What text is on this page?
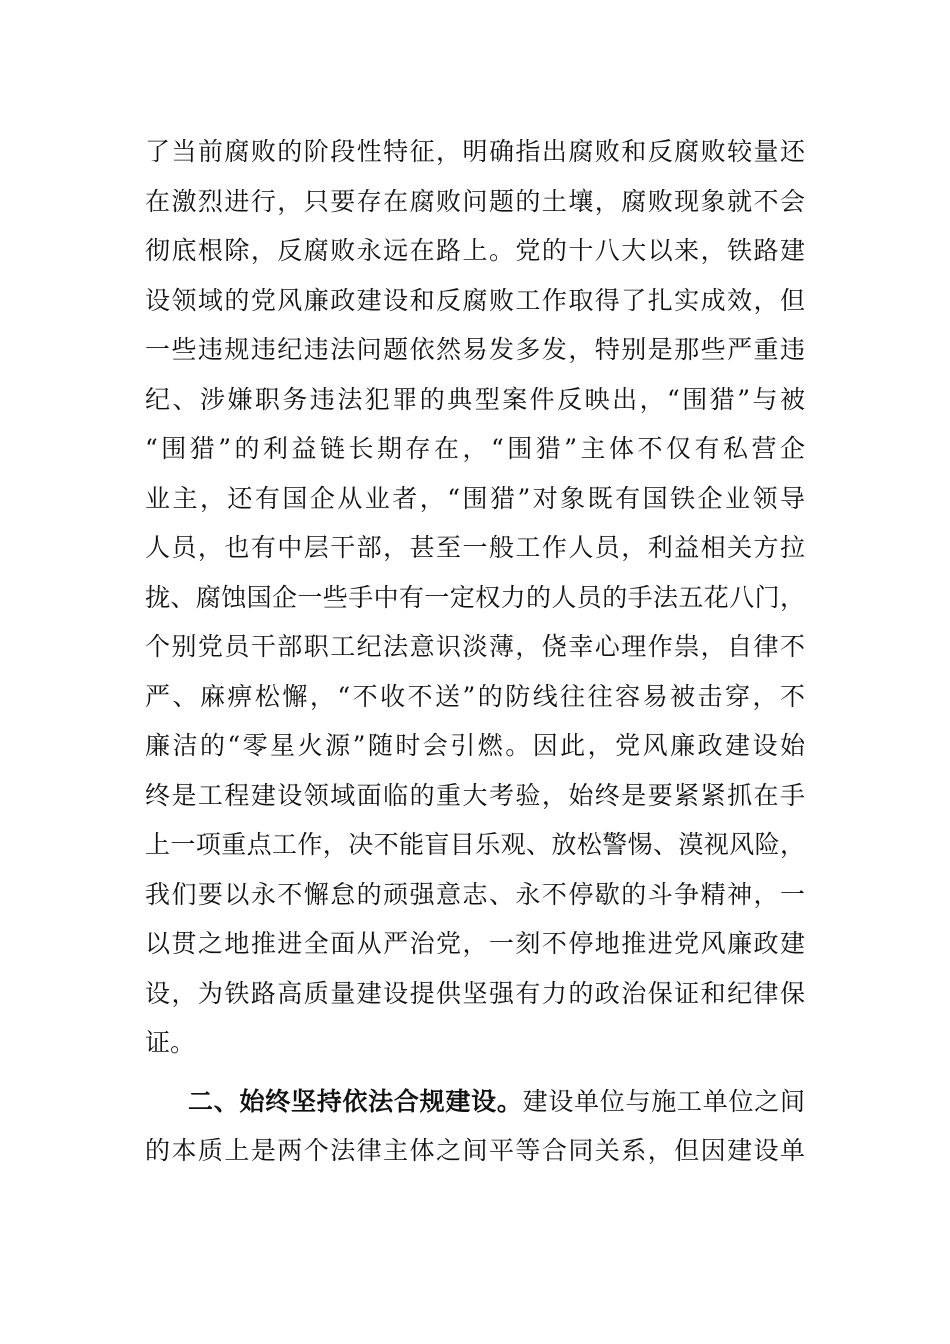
了当前腐败的阶段性特征，明确指出腐败和反腐败较量还
在激烈进行，只要存在腐败问题的土壤，腐败现象就不会
彻底根除，反腐败永远在路上。党的十八大以来，铁路建
设领域的党风廉政建设和反腐败工作取得了扎实成效，但
一些违规违纪违法问题依然易发多发，特别是那些严重违
纪、涉嫌职务违法犯罪的典型案件反映出，“围猎”与被
“围猎”的利益链长期存在，“围猎”主体不仅有私营企
业主，还有国企从业者，“围猎”对象既有国铁企业领导
人员，也有中层干部，甚至一般工作人员，利益相关方拉
拢、腐蚀国企一些手中有一定权力的人员的手法五花八门，
个别党员干部职工纪法意识淡薄，侥幸心理作祟，自律不
严、麻痹松懈，“不收不送”的防线往往容易被击穿，不
廉洁的“零星火源”随时会引燃。因此，党风廉政建设始
终是工程建设领域面临的重大考验，始终是要紧紧抓在手
上一项重点工作，决不能盲目乐观、放松警惕、漠视风险，
我们要以永不懈怠的顽强意志、永不停歇的斗争精神，一
以贯之地推进全面从严治党，一刻不停地推进党风廉政建
设，为铁路高质量建设提供坚强有力的政治保证和纪律保
证。
二、始终坚持依法合规建设。建设单位与施工单位之间
的本质上是两个法律主体之间平等合同关系，但因建设单
